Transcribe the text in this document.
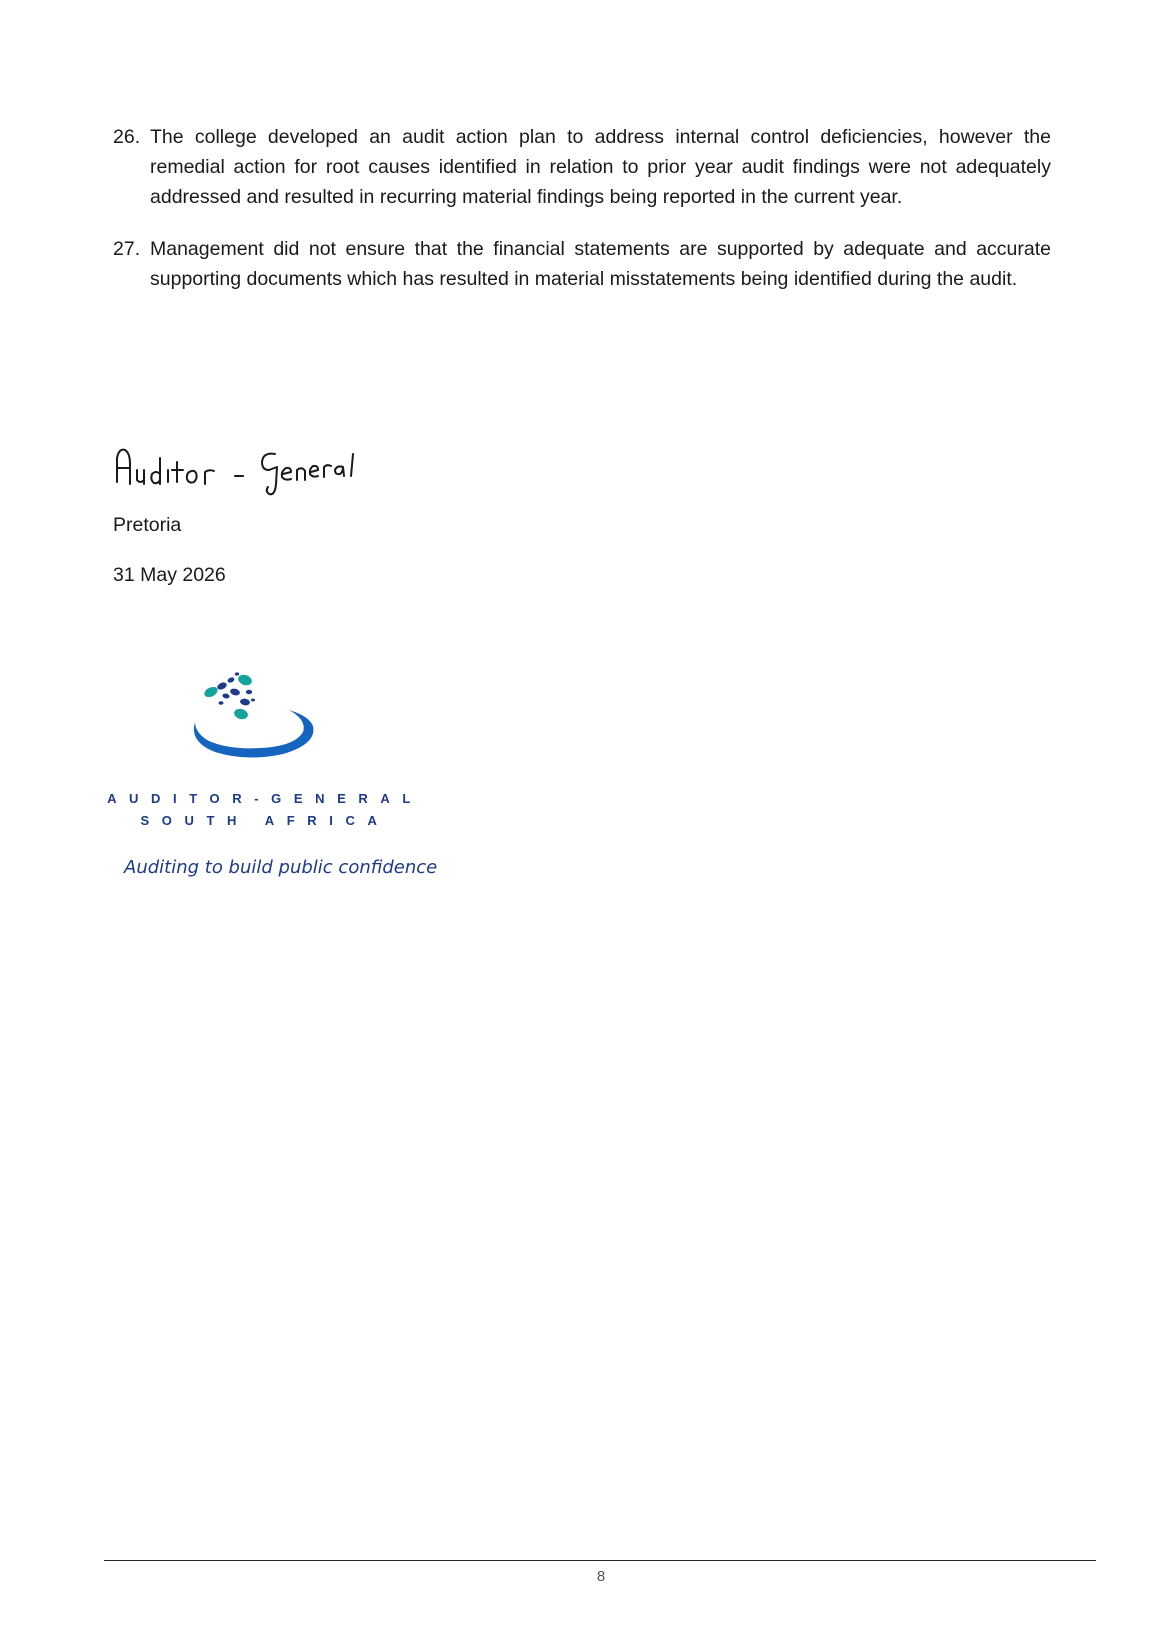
26. The college developed an audit action plan to address internal control deficiencies, however the remedial action for root causes identified in relation to prior year audit findings were not adequately addressed and resulted in recurring material findings being reported in the current year.
27. Management did not ensure that the financial statements are supported by adequate and accurate supporting documents which has resulted in material misstatements being identified during the audit.
Pretoria
31 May 2026
AUDITOR-GENERAL
SOUTH AFRICA
Auditing to build public confidence
8
